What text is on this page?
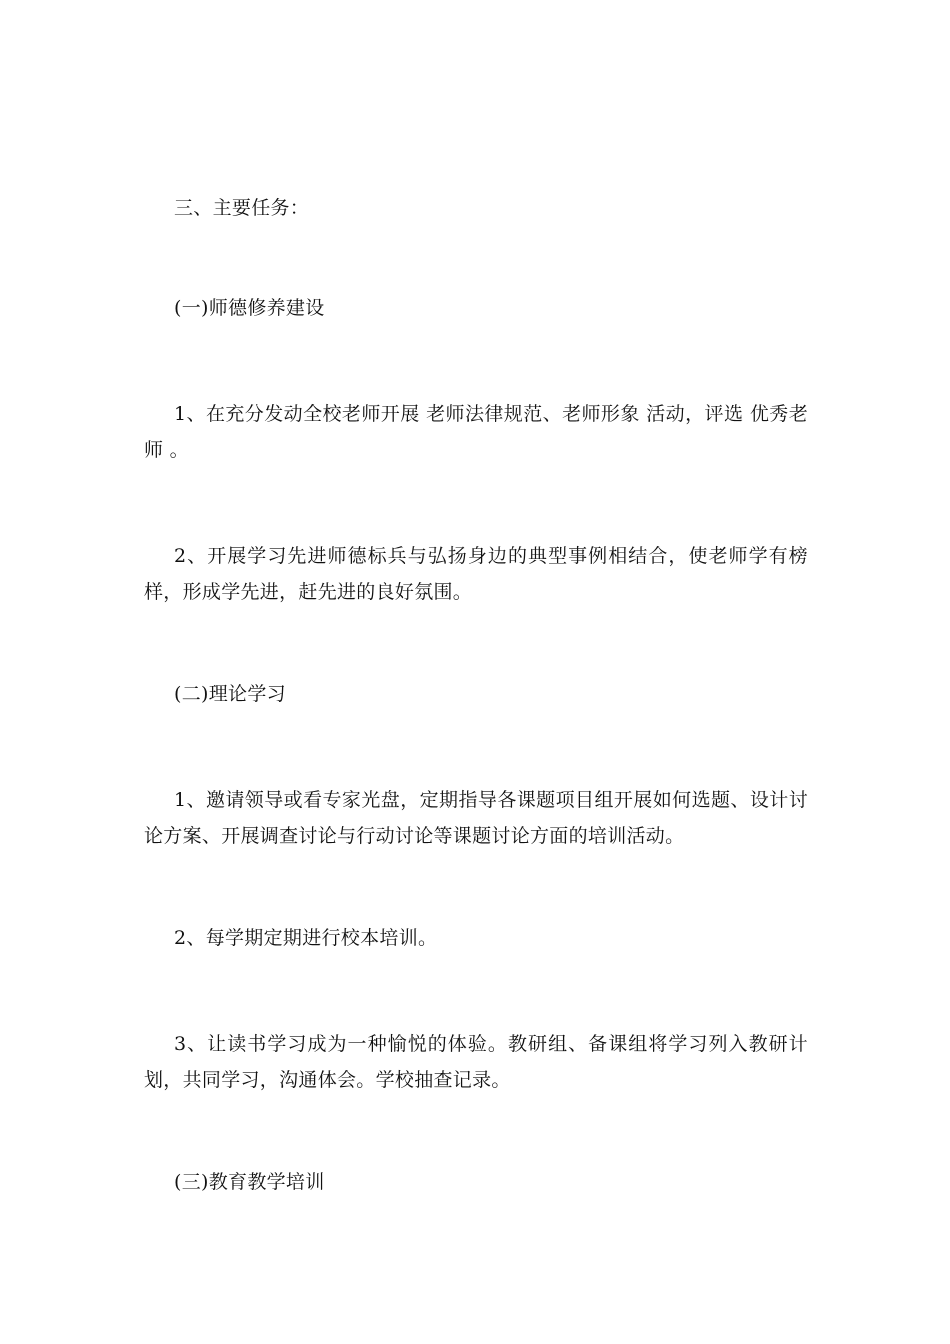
三、主要任务：

(一)师德修养建设

1、在充分发动全校老师开展 老师法律规范、老师形象 活动，评选 优秀老师 。

2、开展学习先进师德标兵与弘扬身边的典型事例相结合，使老师学有榜样，形成学先进，赶先进的良好氛围。

(二)理论学习

1、邀请领导或看专家光盘，定期指导各课题项目组开展如何选题、设计讨论方案、开展调查讨论与行动讨论等课题讨论方面的培训活动。

2、每学期定期进行校本培训。

3、让读书学习成为一种愉悦的体验。教研组、备课组将学习列入教研计划，共同学习，沟通体会。学校抽查记录。

(三)教育教学培训
